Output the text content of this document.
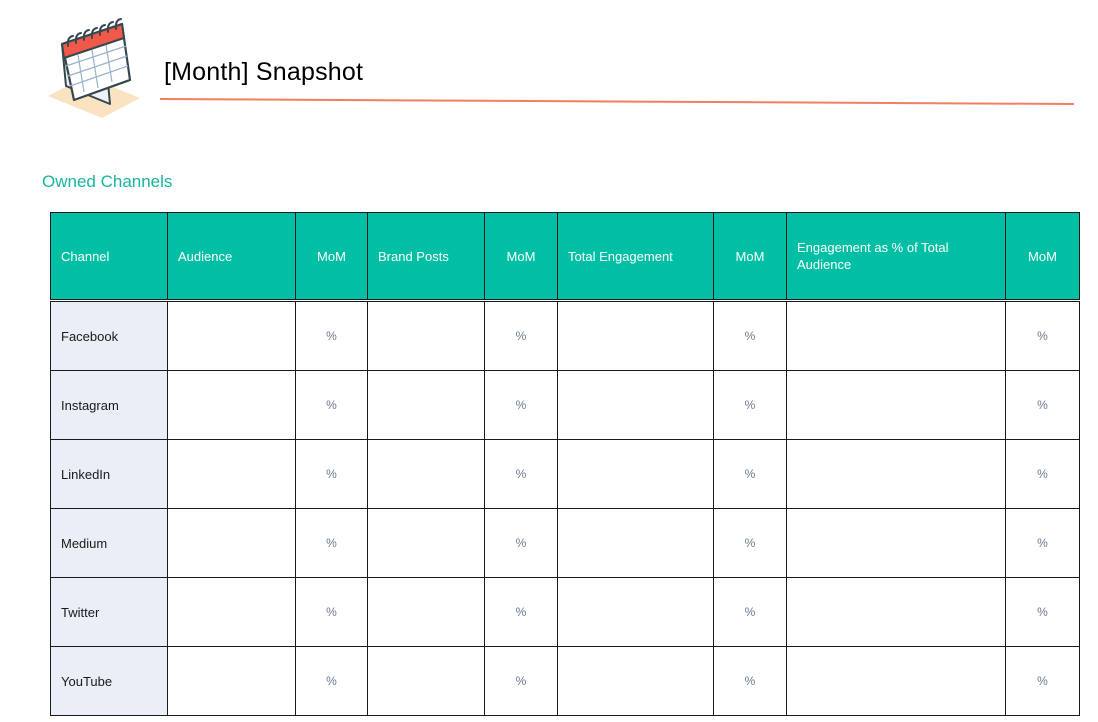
[Month] Snapshot
Owned Channels
Channel	Audience	MoM	Brand Posts	MoM	Total Engagement	MoM	Engagement as % of Total Audience	MoM
Facebook		%		%		%		%
Instagram		%		%		%		%
LinkedIn		%		%		%		%
Medium		%		%		%		%
Twitter		%		%		%		%
YouTube		%		%		%		%
